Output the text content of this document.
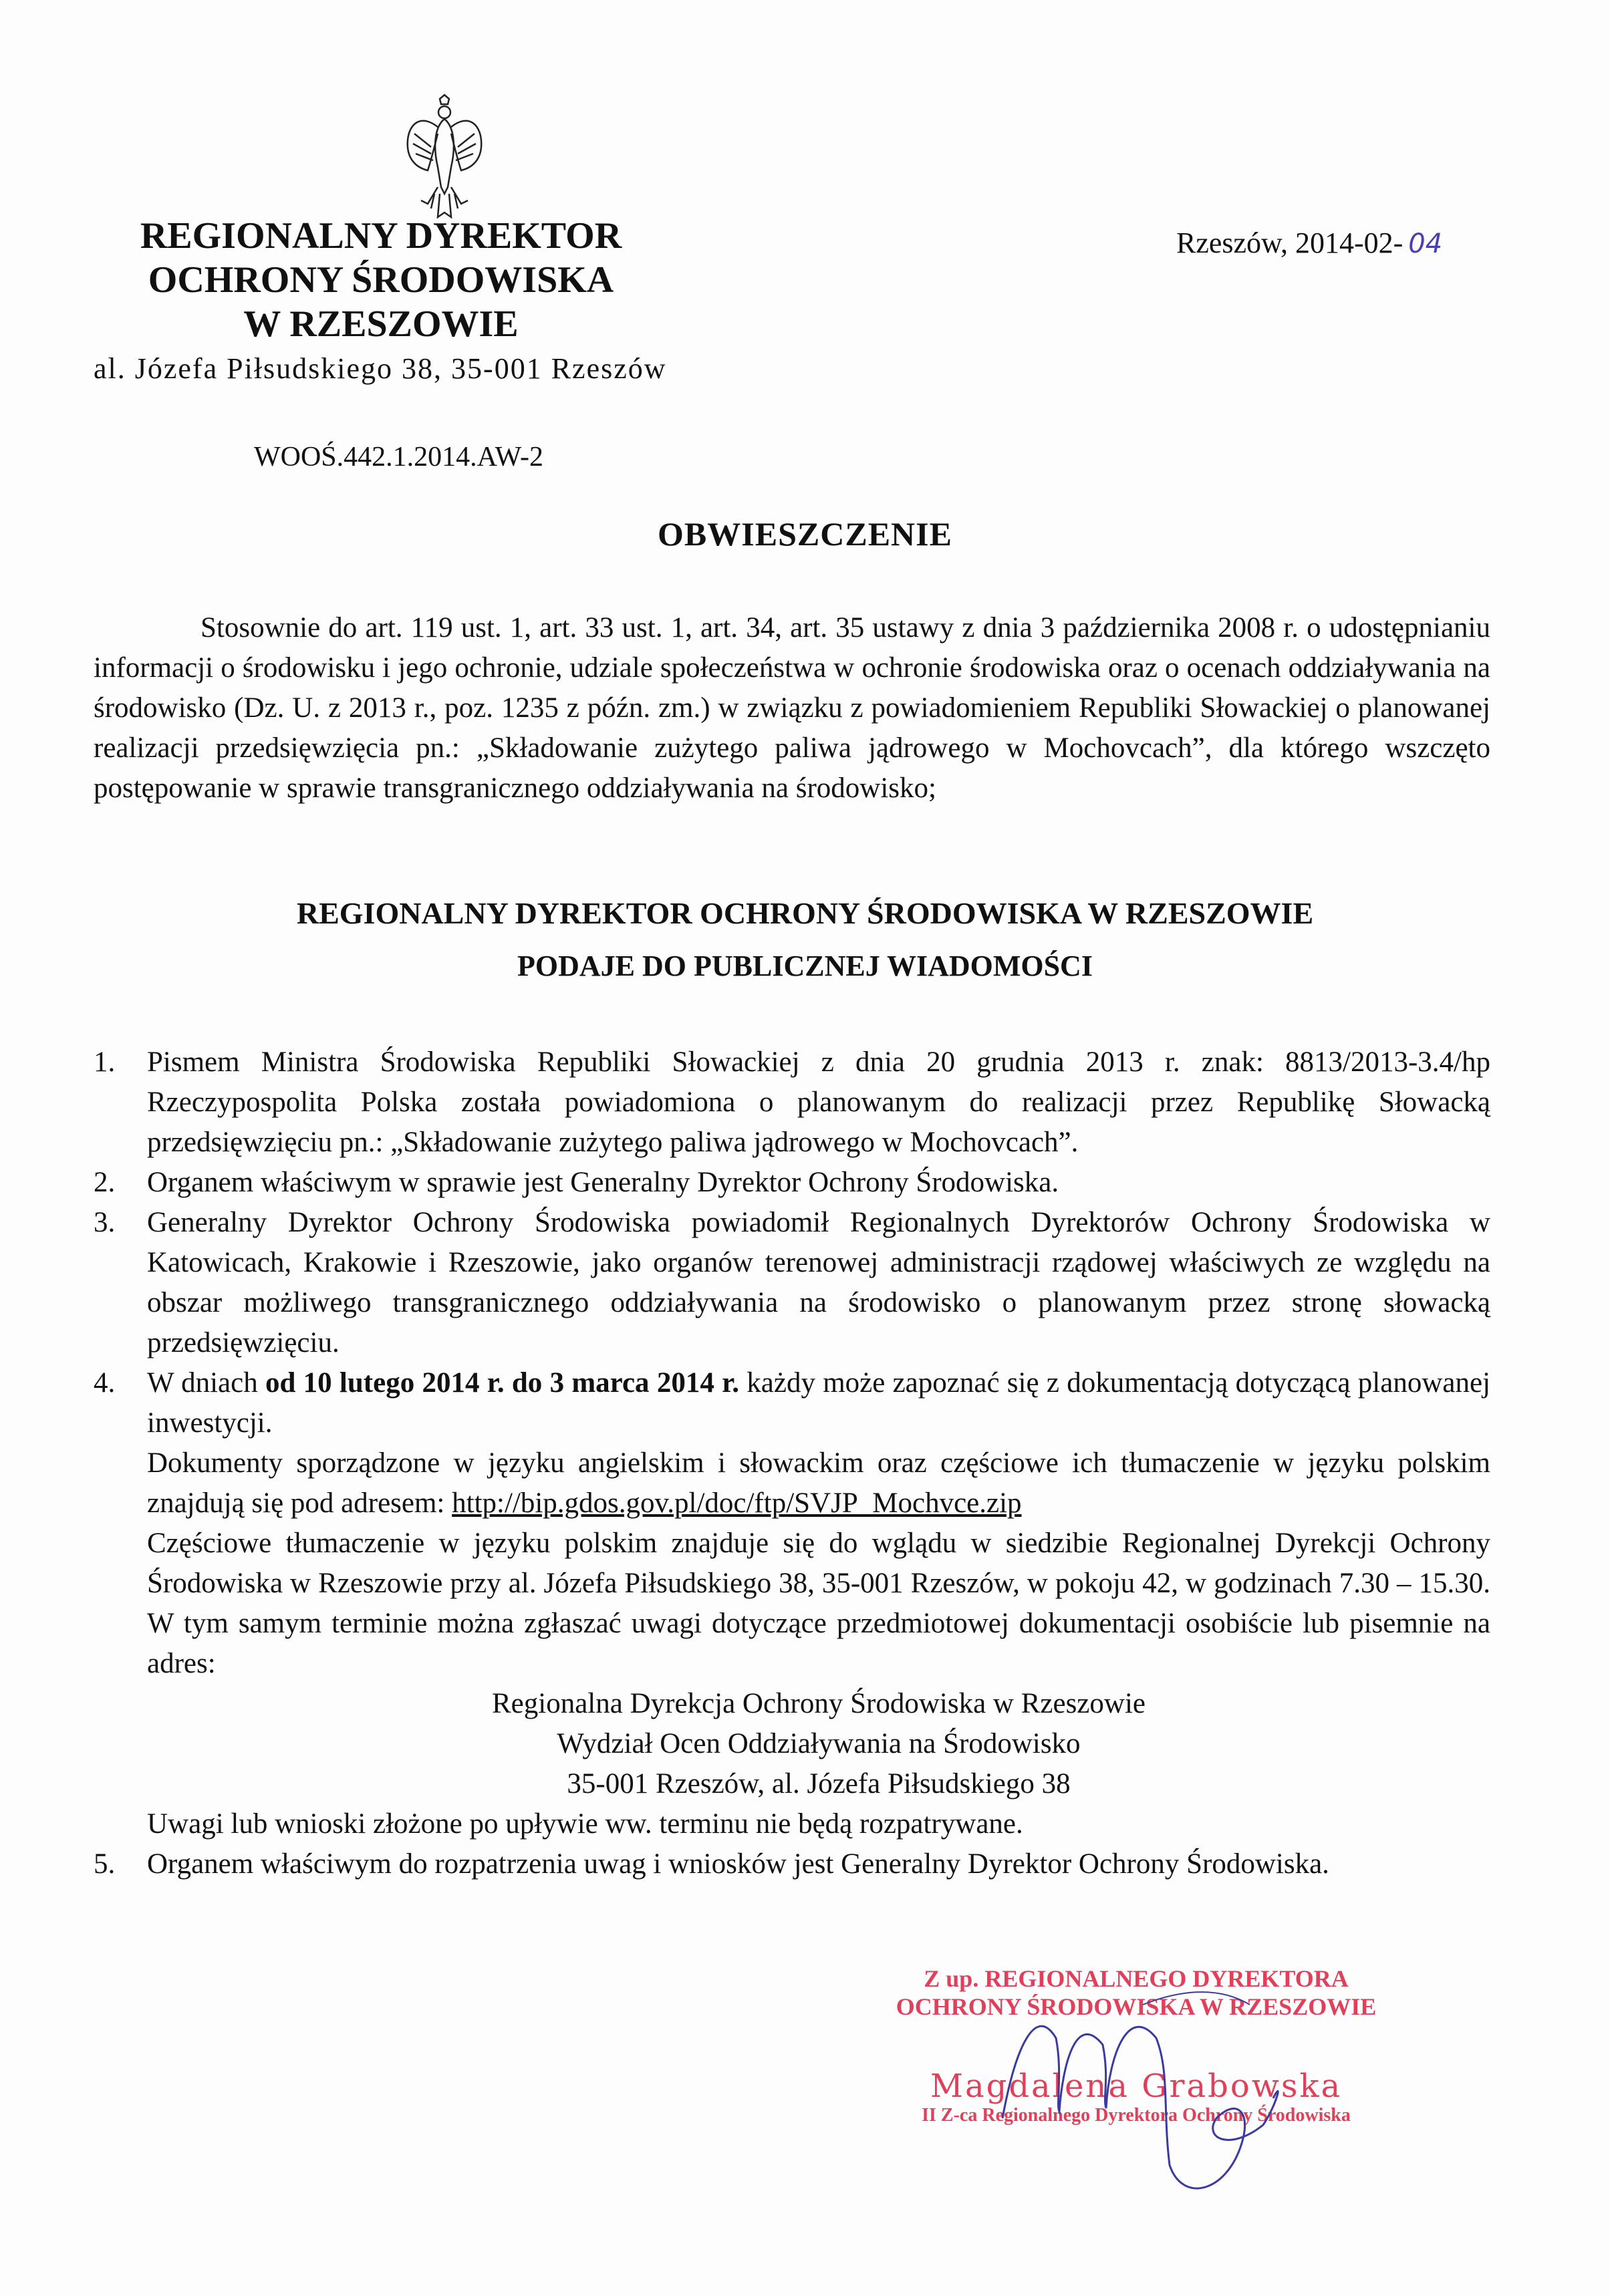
REGIONALNY DYREKTOR
OCHRONY ŚRODOWISKA
W RZESZOWIE
al. Józefa Piłsudskiego 38, 35-001 Rzeszów
WOOŚ.442.1.2014.AW-2
Rzeszów, 2014-02- 04
OBWIESZCZENIE

Stosownie do art. 119 ust. 1, art. 33 ust. 1, art. 34, art. 35 ustawy z dnia 3 października 2008 r. o udostępnianiu informacji o środowisku i jego ochronie, udziale społeczeństwa w ochronie środowiska oraz o ocenach oddziaływania na środowisko (Dz. U. z 2013 r., poz. 1235 z późn. zm.) w związku z powiadomieniem Republiki Słowackiej o planowanej realizacji przedsięwzięcia pn.: „Składowanie zużytego paliwa jądrowego w Mochovcach”, dla którego wszczęto postępowanie w sprawie transgranicznego oddziaływania na środowisko;

REGIONALNY DYREKTOR OCHRONY ŚRODOWISKA W RZESZOWIE
PODAJE DO PUBLICZNEJ WIADOMOŚCI
1. Pismem Ministra Środowiska Republiki Słowackiej z dnia 20 grudnia 2013 r. znak: 8813/2013-3.4/hp Rzeczypospolita Polska została powiadomiona o planowanym do realizacji przez Republikę Słowacką przedsięwzięciu pn.: „Składowanie zużytego paliwa jądrowego w Mochovcach”.

2. Organem właściwym w sprawie jest Generalny Dyrektor Ochrony Środowiska.

3. Generalny Dyrektor Ochrony Środowiska powiadomił Regionalnych Dyrektorów Ochrony Środowiska w Katowicach, Krakowie i Rzeszowie, jako organów terenowej administracji rządowej właściwych ze względu na obszar możliwego transgranicznego oddziaływania na środowisko o planowanym przez stronę słowacką przedsięwzięciu.

4. W dniach od 10 lutego 2014 r. do 3 marca 2014 r. każdy może zapoznać się z dokumentacją dotyczącą planowanej inwestycji.

Dokumenty sporządzone w języku angielskim i słowackim oraz częściowe ich tłumaczenie w języku polskim znajdują się pod adresem: http://bip.gdos.gov.pl/doc/ftp/SVJP_Mochvce.zip

Częściowe tłumaczenie w języku polskim znajduje się do wglądu w siedzibie Regionalnej Dyrekcji Ochrony Środowiska w Rzeszowie przy al. Józefa Piłsudskiego 38, 35-001 Rzeszów, w pokoju 42, w godzinach 7.30 – 15.30. W tym samym terminie można zgłaszać uwagi dotyczące przedmiotowej dokumentacji osobiście lub pisemnie na adres:

Regionalna Dyrekcja Ochrony Środowiska w Rzeszowie

Wydział Ocen Oddziaływania na Środowisko

35-001 Rzeszów, al. Józefa Piłsudskiego 38

Uwagi lub wnioski złożone po upływie ww. terminu nie będą rozpatrywane.

5. Organem właściwym do rozpatrzenia uwag i wniosków jest Generalny Dyrektor Ochrony Środowiska.

Z up. REGIONALNEGO DYREKTORA
OCHRONY ŚRODOWISKA W RZESZOWIE
Magdalena Grabowska
II Z-ca Regionalnego Dyrektora Ochrony Środowiska
